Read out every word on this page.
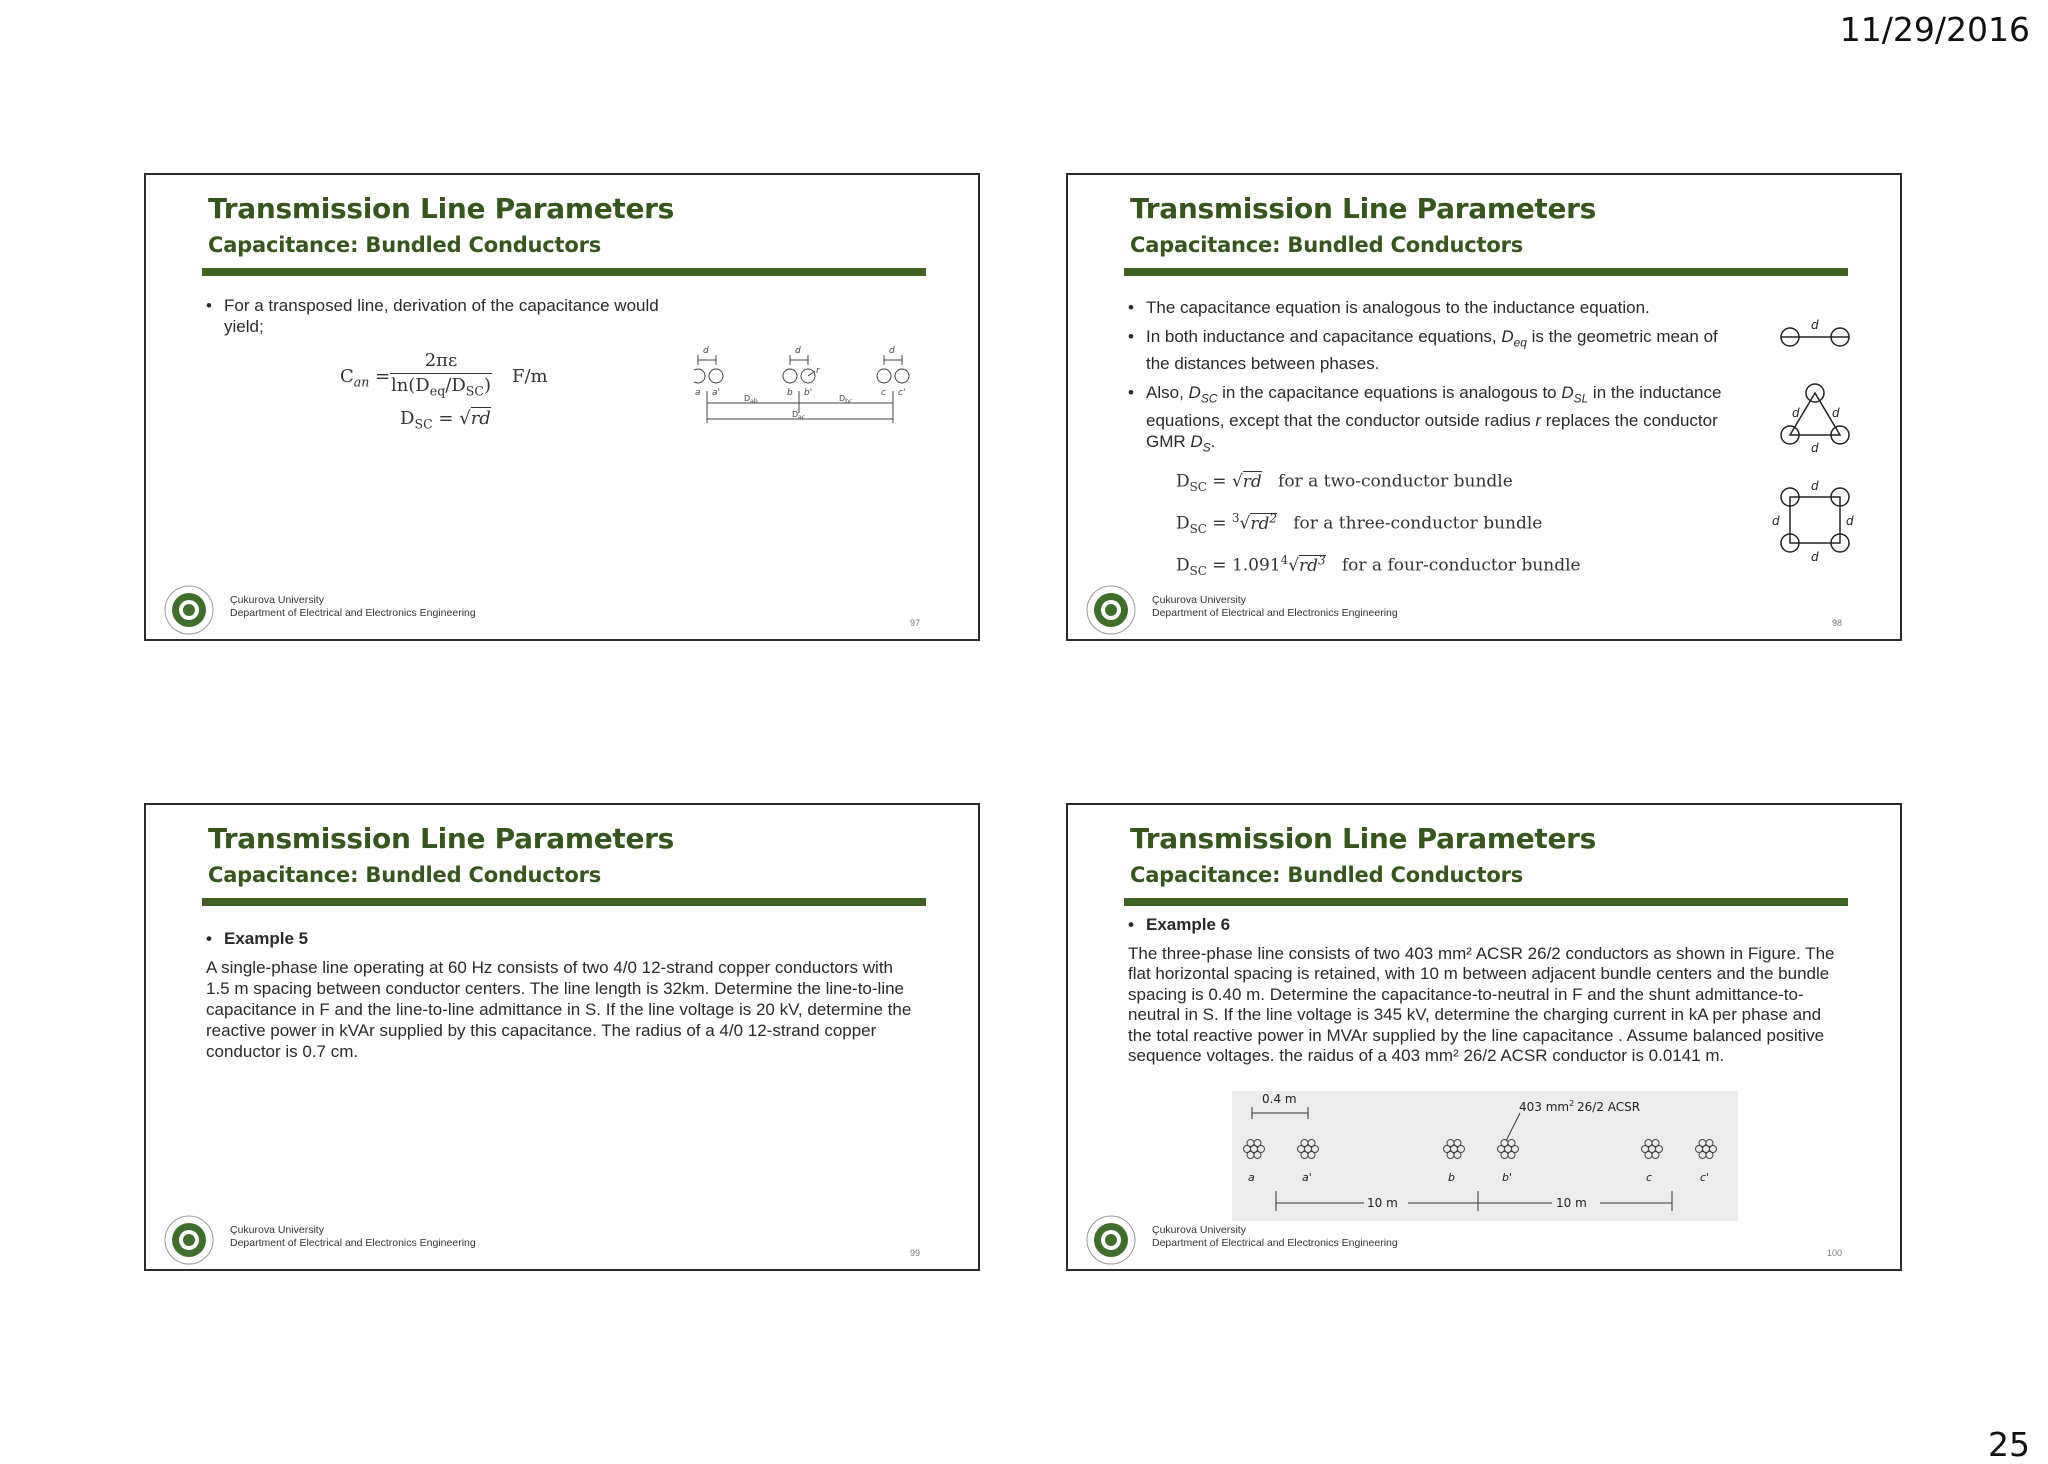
11/29/2016
Transmission Line Parameters
Capacitance: Bundled Conductors
• For a transposed line, derivation of the capacitance would yield;
$C_{an}$ =
2πε
$\ln(D_{eq}/D_{SC})$ F/m
$D_{SC} = √rd$
d	d	d
a a'	b b'	c c'
r
$D_{ab}$	$D_{bc}$
$D_{ac}$
Çukurova University
Department of Electrical and Electronics Engineering
97
Transmission Line Parameters
Capacitance: Bundled Conductors
• The capacitance equation is analogous to the inductance equation.
• In both inductance and capacitance equations, $D_{eq}$ is the geometric mean of the distances between phases.
• Also, $D_{SC}$ in the capacitance equations is analogous to $D_{SL}$ in the inductance equations, except that the conductor outside radius r replaces the conductor GMR $D_S$.
$D_{SC} = √rd$ for a two-conductor bundle
$D_{SC} = ^3√rd^2$ for a three-conductor bundle
$D_{SC} = 1.091^4√rd^3$ for a four-conductor bundle
d
d	d
d
d
d	d
d
Çukurova University
Department of Electrical and Electronics Engineering
98
Transmission Line Parameters
Capacitance: Bundled Conductors
• Example 5

A single-phase line operating at 60 Hz consists of two 4/0 12-strand copper conductors with 1.5 m spacing between conductor centers. The line length is 32km. Determine the line-to-line capacitance in F and the line-to-line admittance in S. If the line voltage is 20 kV, determine the reactive power in kVAr supplied by this capacitance. The radius of a 4/0 12-strand copper conductor is 0.7 cm.

Çukurova University
Department of Electrical and Electronics Engineering
99
Transmission Line Parameters
Capacitance: Bundled Conductors
• Example 6

The three-phase line consists of two 403 mm² ACSR 26/2 conductors as shown in Figure. The flat horizontal spacing is retained, with 10 m between adjacent bundle centers and the bundle spacing is 0.40 m. Determine the capacitance-to-neutral in F and the shunt admittance-to-neutral in S. If the line voltage is 345 kV, determine the charging current in kA per phase and the total reactive power in MVAr supplied by the line capacitance . Assume balanced positive sequence voltages. the raidus of a 403 mm² 26/2 ACSR conductor is 0.0141 m.

0.4 m
403 $mm^2$ 26/2 ACSR
10 m	10 m
a	a'	b	b'	c	c'
Çukurova University
Department of Electrical and Electronics Engineering
100
25
